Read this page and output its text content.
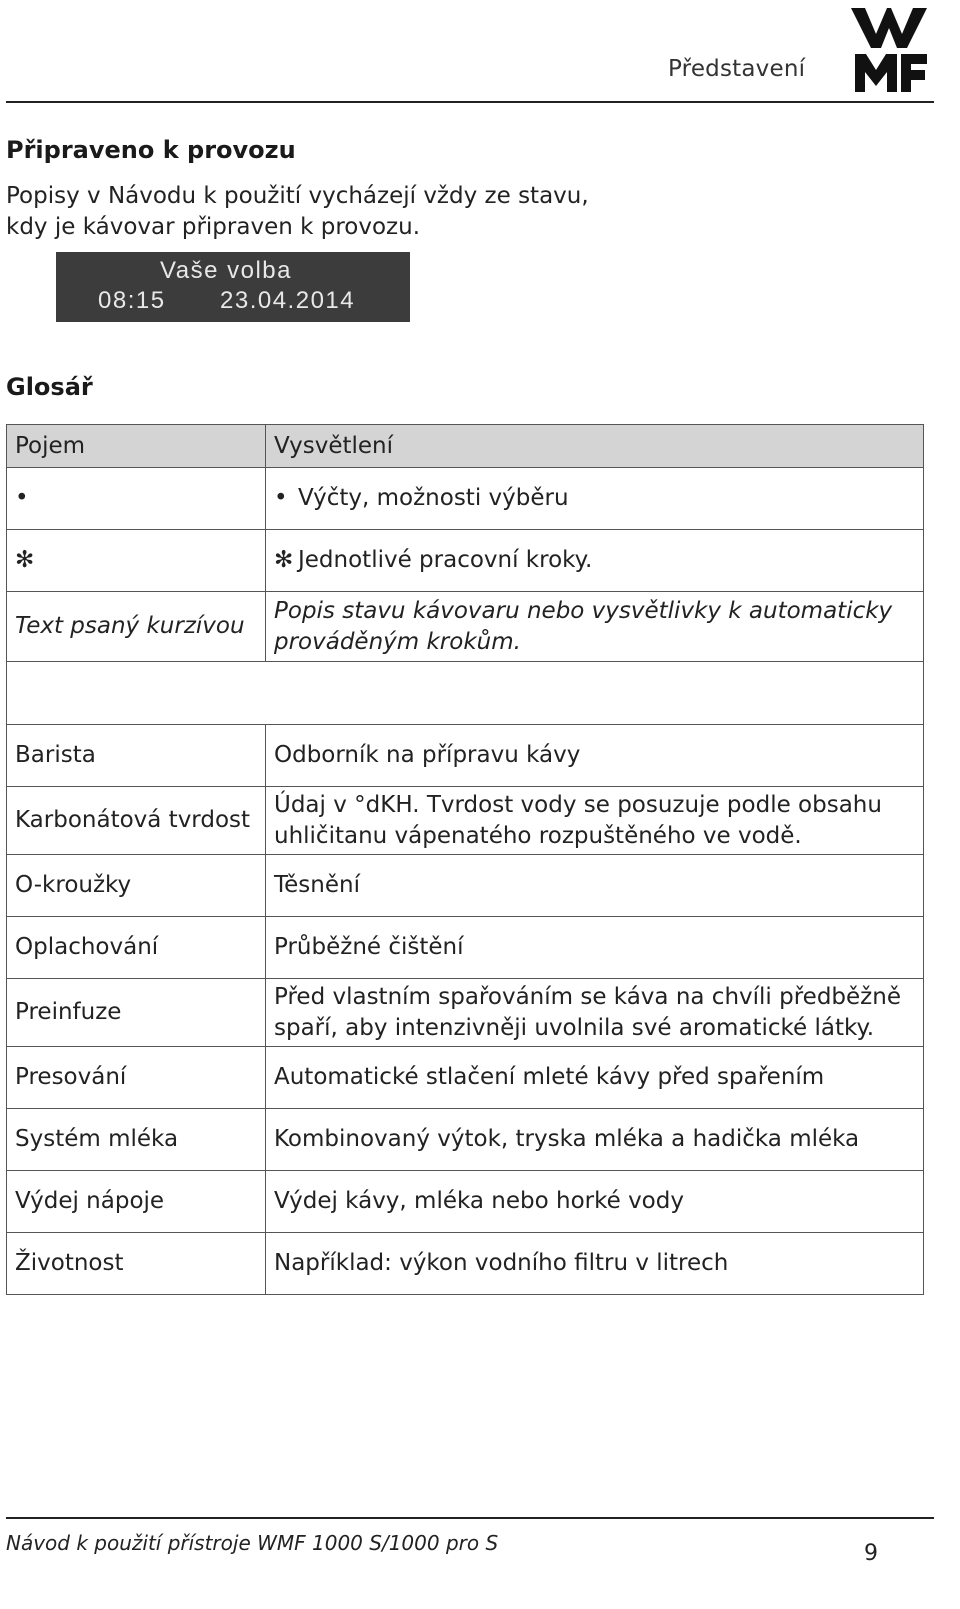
Představení
Připraveno k provozu
Popisy v Návodu k použití vycházejí vždy ze stavu, kdy je kávovar připraven k provozu.
Vaše volba
08:15 23.04.2014
Glosář
Pojem	Vysvětlení
•	• Výčty, možnosti výběru
✻	✻ Jednotlivé pracovní kroky.
Text psaný kurzívou	Popis stavu kávovaru nebo vysvětlivky k automaticky prováděným krokům.

Barista	Odborník na přípravu kávy
Karbonátová tvrdost	Údaj v °dKH. Tvrdost vody se posuzuje podle obsahu uhličitanu vápenatého rozpuštěného ve vodě.
O-kroužky	Těsnění
Oplachování	Průběžné čištění
Preinfuze	Před vlastním spařováním se káva na chvíli předběžně spaří, aby intenzivněji uvolnila své aromatické látky.
Presování	Automatické stlačení mleté kávy před spařením
Systém mléka	Kombinovaný výtok, tryska mléka a hadička mléka
Výdej nápoje	Výdej kávy, mléka nebo horké vody
Životnost	Například: výkon vodního filtru v litrech
Návod k použití přístroje WMF 1000 S/1000 pro S	9
